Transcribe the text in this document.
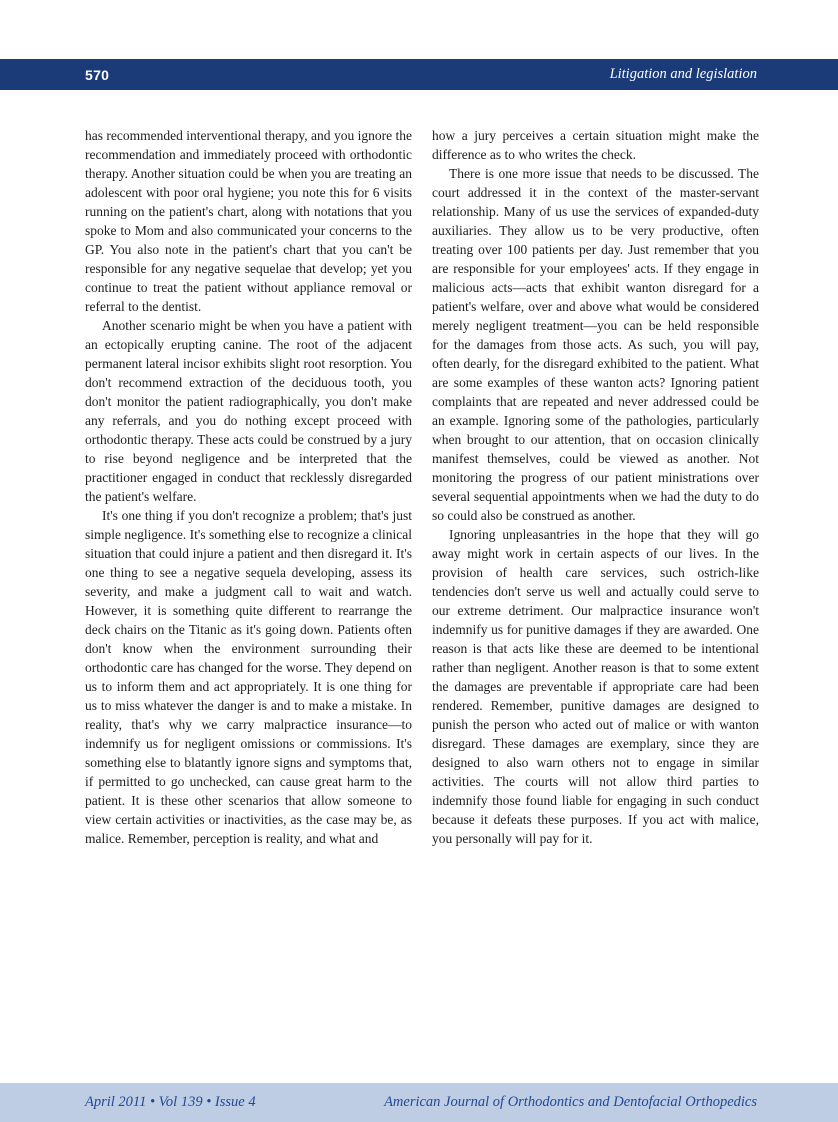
570	Litigation and legislation

has recommended interventional therapy, and you ignore the recommendation and immediately proceed with orthodontic therapy. Another situation could be when you are treating an adolescent with poor oral hygiene; you note this for 6 visits running on the patient's chart, along with notations that you spoke to Mom and also communicated your concerns to the GP. You also note in the patient's chart that you can't be responsible for any negative sequelae that develop; yet you continue to treat the patient without appliance removal or referral to the dentist.

Another scenario might be when you have a patient with an ectopically erupting canine. The root of the adjacent permanent lateral incisor exhibits slight root resorption. You don't recommend extraction of the deciduous tooth, you don't monitor the patient radiographically, you don't make any referrals, and you do nothing except proceed with orthodontic therapy. These acts could be construed by a jury to rise beyond negligence and be interpreted that the practitioner engaged in conduct that recklessly disregarded the patient's welfare.

It's one thing if you don't recognize a problem; that's just simple negligence. It's something else to recognize a clinical situation that could injure a patient and then disregard it. It's one thing to see a negative sequela developing, assess its severity, and make a judgment call to wait and watch. However, it is something quite different to rearrange the deck chairs on the Titanic as it's going down. Patients often don't know when the environment surrounding their orthodontic care has changed for the worse. They depend on us to inform them and act appropriately. It is one thing for us to miss whatever the danger is and to make a mistake. In reality, that's why we carry malpractice insurance—to indemnify us for negligent omissions or commissions. It's something else to blatantly ignore signs and symptoms that, if permitted to go unchecked, can cause great harm to the patient. It is these other scenarios that allow someone to view certain activities or inactivities, as the case may be, as malice. Remember, perception is reality, and what and

how a jury perceives a certain situation might make the difference as to who writes the check.

There is one more issue that needs to be discussed. The court addressed it in the context of the master-servant relationship. Many of us use the services of expanded-duty auxiliaries. They allow us to be very productive, often treating over 100 patients per day. Just remember that you are responsible for your employees' acts. If they engage in malicious acts—acts that exhibit wanton disregard for a patient's welfare, over and above what would be considered merely negligent treatment—you can be held responsible for the damages from those acts. As such, you will pay, often dearly, for the disregard exhibited to the patient. What are some examples of these wanton acts? Ignoring patient complaints that are repeated and never addressed could be an example. Ignoring some of the pathologies, particularly when brought to our attention, that on occasion clinically manifest themselves, could be viewed as another. Not monitoring the progress of our patient ministrations over several sequential appointments when we had the duty to do so could also be construed as another.

Ignoring unpleasantries in the hope that they will go away might work in certain aspects of our lives. In the provision of health care services, such ostrich-like tendencies don't serve us well and actually could serve to our extreme detriment. Our malpractice insurance won't indemnify us for punitive damages if they are awarded. One reason is that acts like these are deemed to be intentional rather than negligent. Another reason is that to some extent the damages are preventable if appropriate care had been rendered. Remember, punitive damages are designed to punish the person who acted out of malice or with wanton disregard. These damages are exemplary, since they are designed to also warn others not to engage in similar activities. The courts will not allow third parties to indemnify those found liable for engaging in such conduct because it defeats these purposes. If you act with malice, you personally will pay for it.

April 2011 • Vol 139 • Issue 4	American Journal of Orthodontics and Dentofacial Orthopedics
